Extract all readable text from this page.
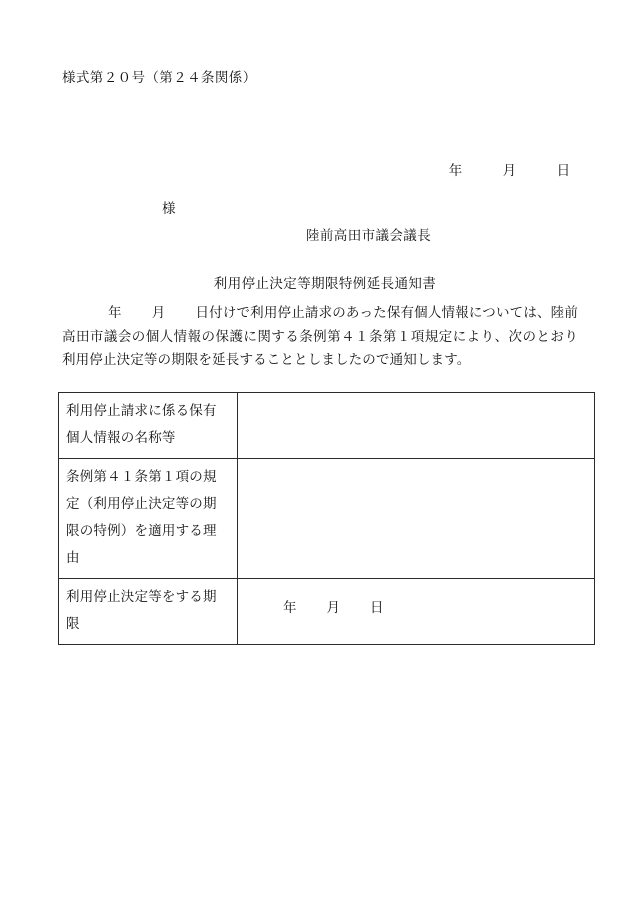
様式第２０号（第２４条関係）

年	月	日

様
陸前高田市議会議長
利用停止決定等期限特例延長通知書
年 月 日付けで利用停止請求のあった保有個人情報については、陸前高田市議会の個人情報の保護に関する条例第４１条第１項規定により、次のとおり利用停止決定等の期限を延長することとしましたので通知します。
利用停止請求に係る保有個人情報の名称等	
条例第４１条第１項の規定（利用停止決定等の期限の特例）を適用する理由	
利用停止決定等をする期限	年 月 日
